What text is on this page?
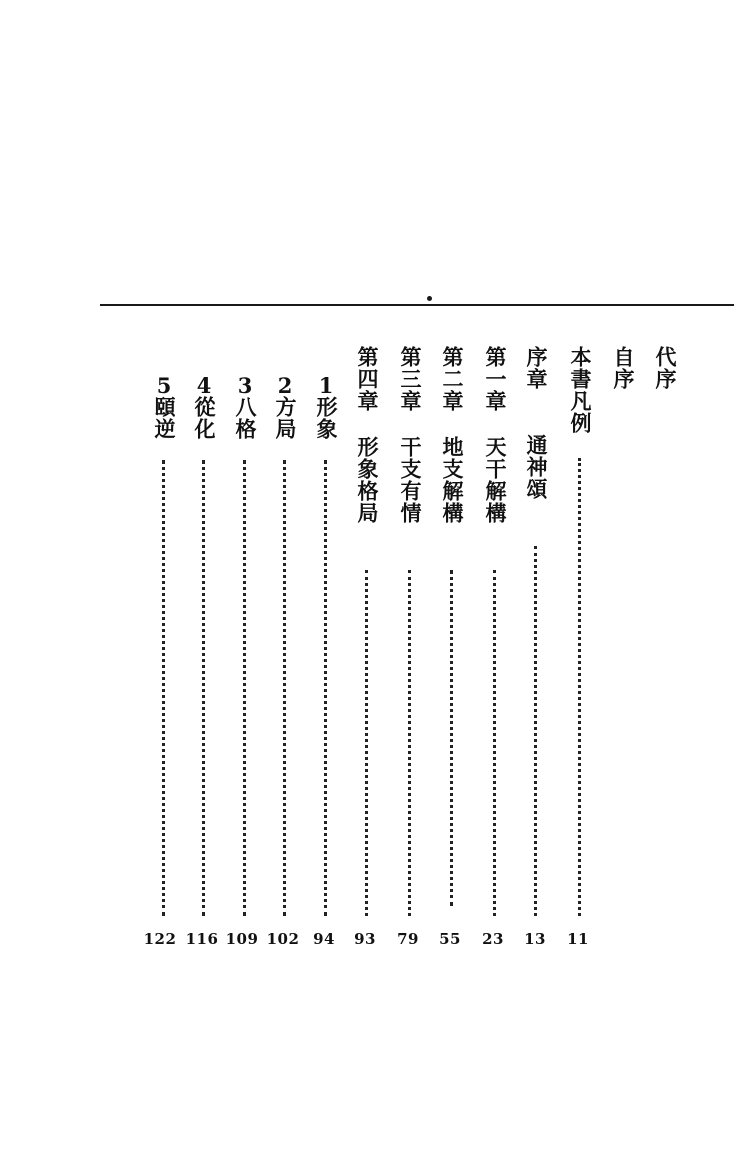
代序
自序
本書凡例
11
序章
通神頌
13
第一章
天干解構
23
第二章
地支解構
55
第三章
干支有情
79
第四章
形象格局
93
1
形象
94
2
方局
102
3
八格
109
4
從化
116
5
頤逆
122
